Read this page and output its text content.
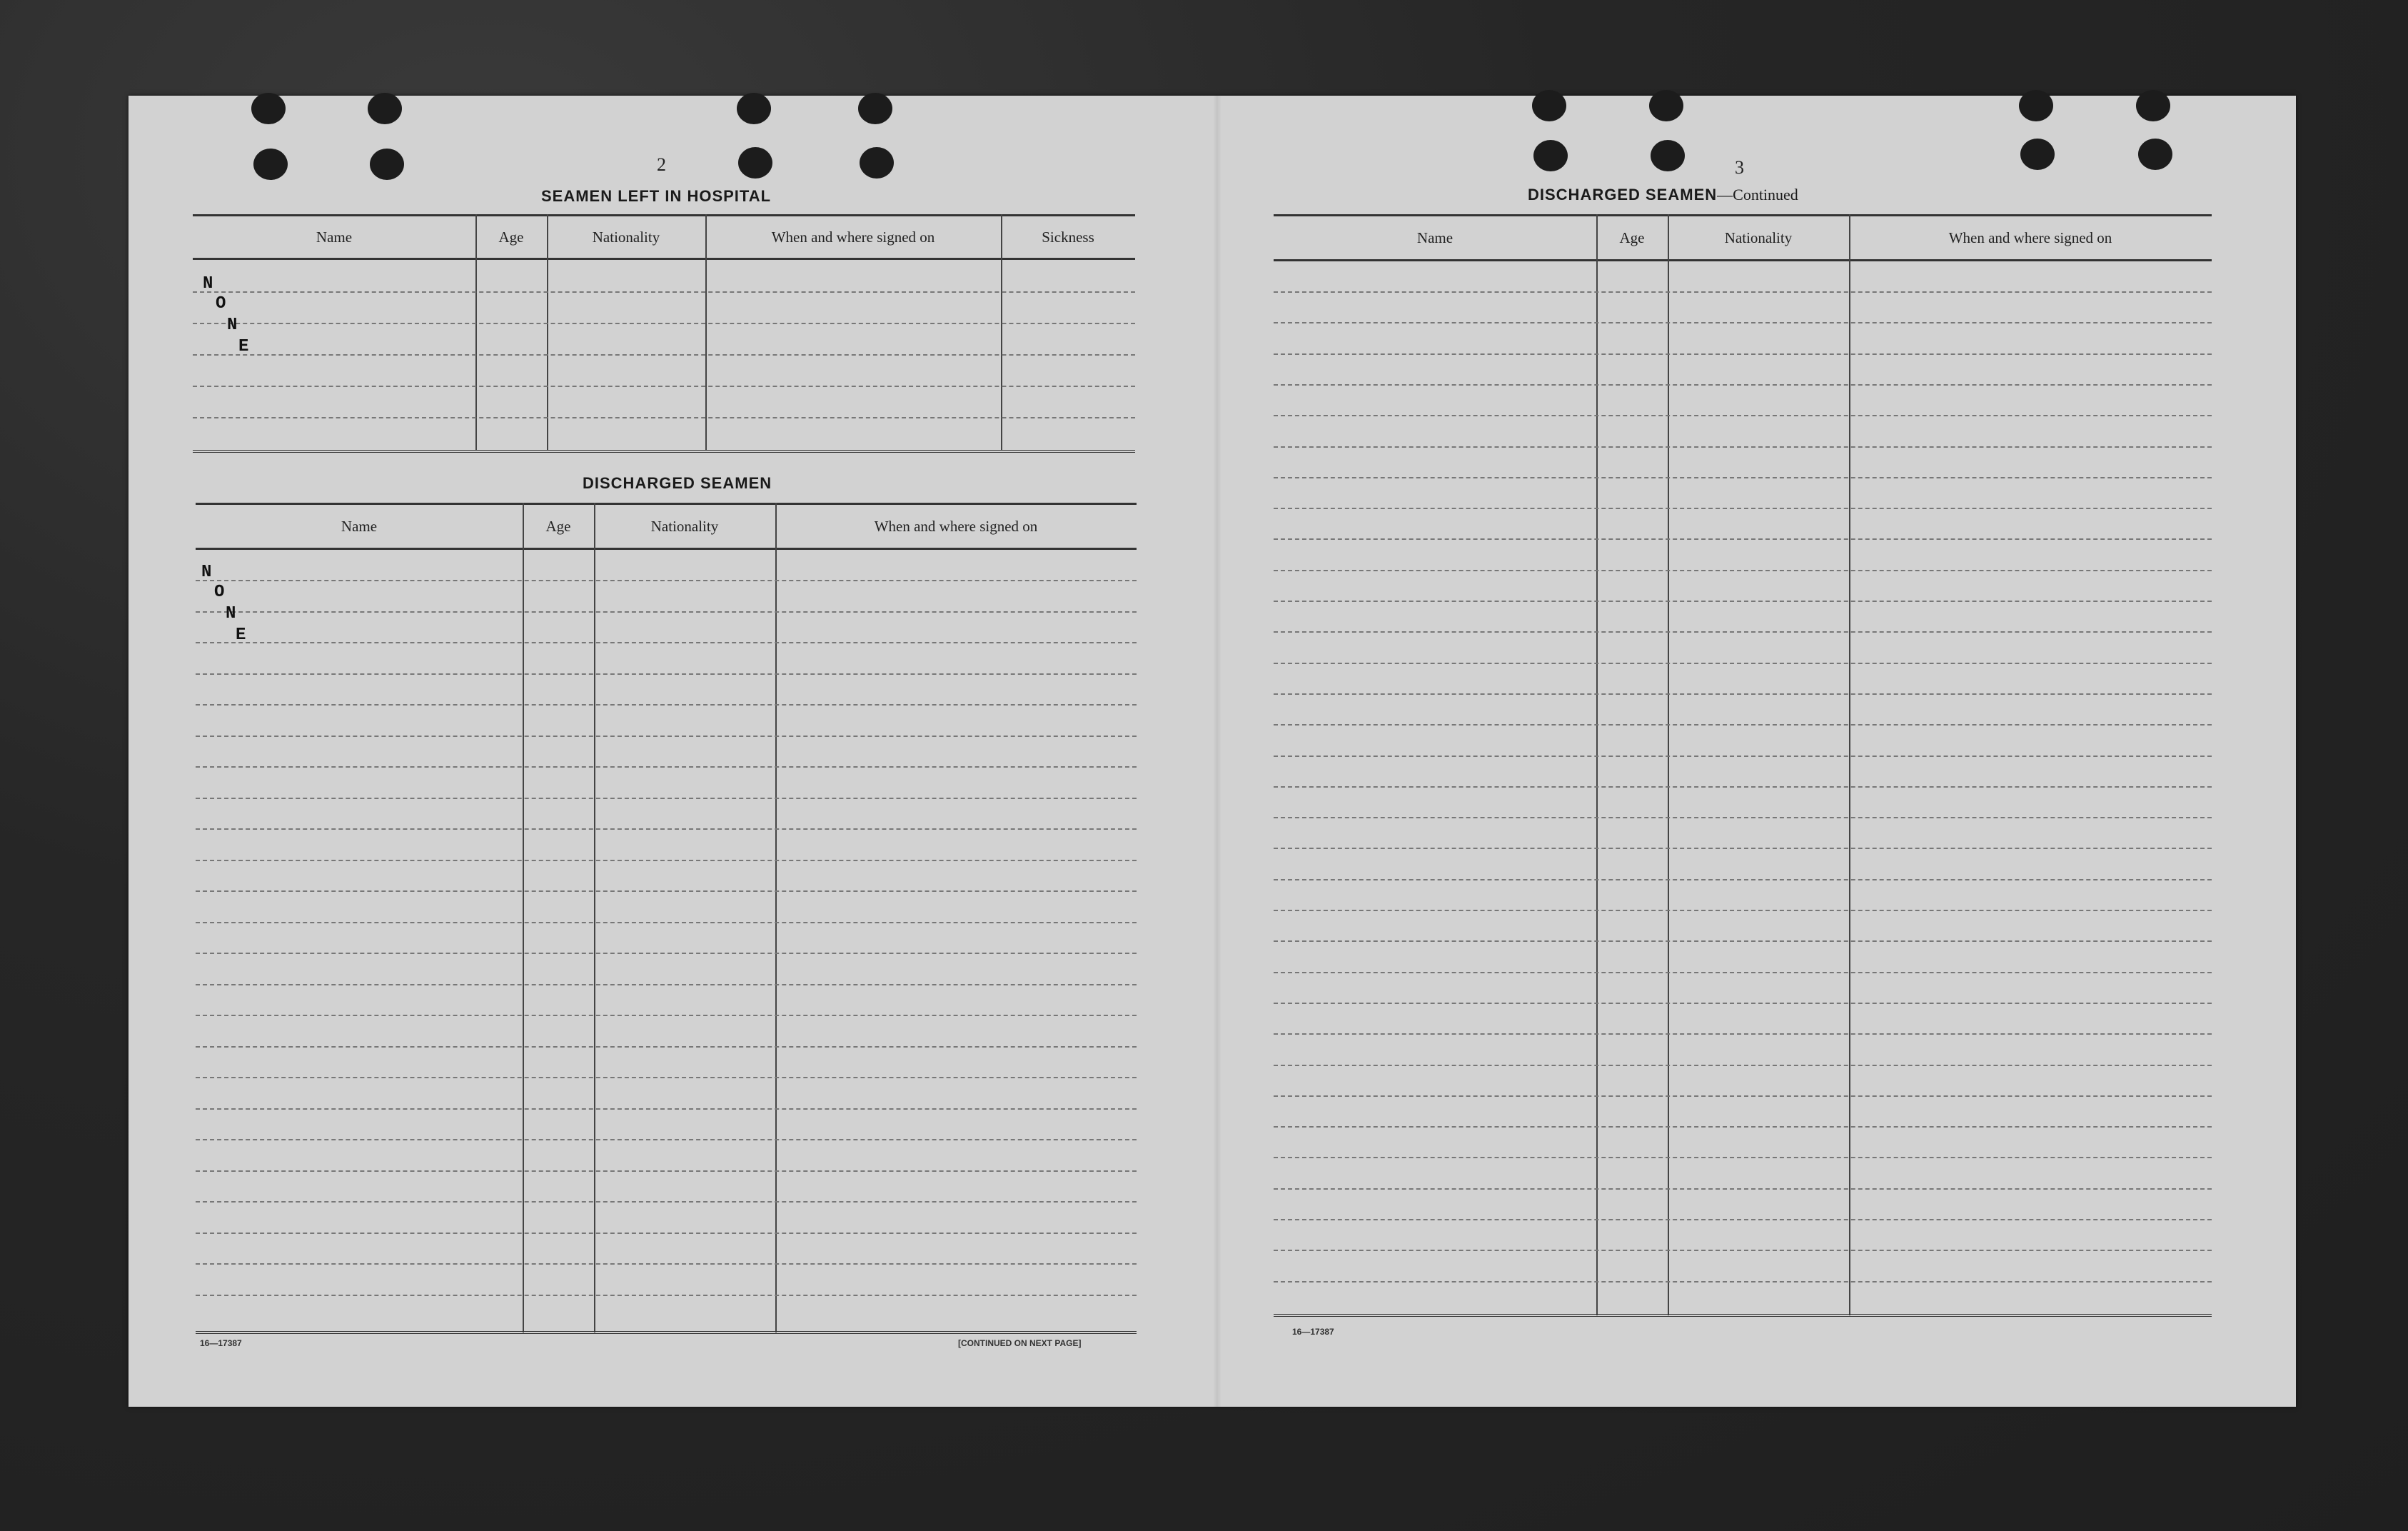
2
SEAMEN LEFT IN HOSPITAL
Name	Age	Nationality	When and where signed on	Sickness
N
O
N
E
DISCHARGED SEAMEN
Name	Age	Nationality	When and where signed on
N
O
N
E
16—17387	[CONTINUED ON NEXT PAGE]
3
DISCHARGED SEAMEN—Continued
Name	Age	Nationality	When and where signed on
16—17387
